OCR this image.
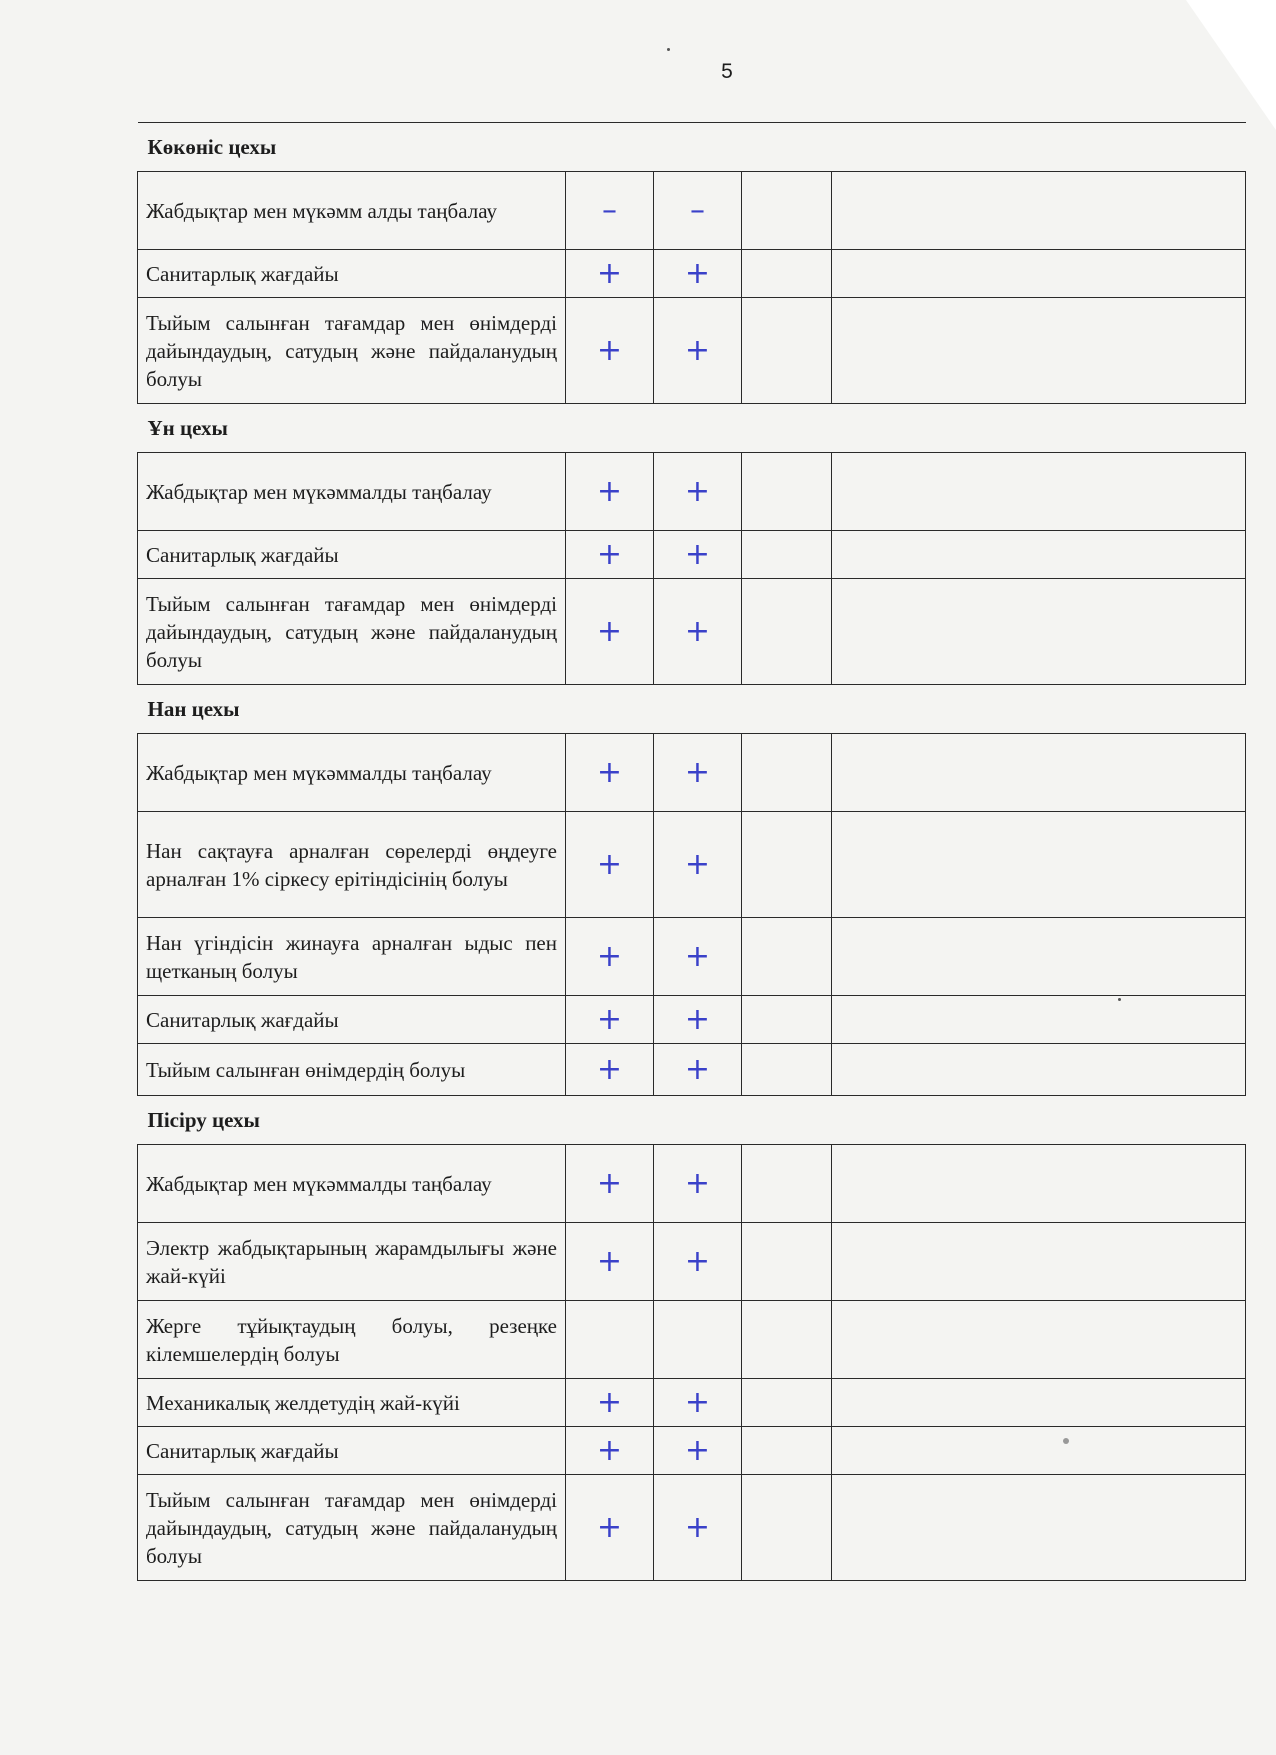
5
Көкөніс цехы				
Жабдықтар мен мүкәмм алды таңбалау	–	–		
Санитарлық жағдайы	+	+		
Тыйым салынған тағамдар мен өнімдерді дайындаудың, сатудың және пайдаланудың болуы	+	+		
Ұн цехы				
Жабдықтар мен мүкәммалды таңбалау	+	+		
Санитарлық жағдайы	+	+		
Тыйым салынған тағамдар мен өнімдерді дайындаудың, сатудың және пайдаланудың болуы	+	+		
Нан цехы				
Жабдықтар мен мүкәммалды таңбалау	+	+		
Нан сақтауға арналған сөрелерді өңдеуге арналған 1% сіркесу ерітіндісінің болуы	+	+		
Нан үгіндісін жинауға арналған ыдыс пен щетканың болуы	+	+		
Санитарлық жағдайы	+	+		
Тыйым салынған өнімдердің болуы	+	+		
Пісіру цехы				
Жабдықтар мен мүкәммалды таңбалау	+	+		
Электр жабдықтарының жарамдылығы және жай-күйі	+	+		
Жерге тұйықтаудың болуы, резеңке кілемшелердің болуы				
Механикалық желдетудің жай-күйі	+	+		
Санитарлық жағдайы	+	+		
Тыйым салынған тағамдар мен өнімдерді дайындаудың, сатудың және пайдаланудың болуы	+	+		
